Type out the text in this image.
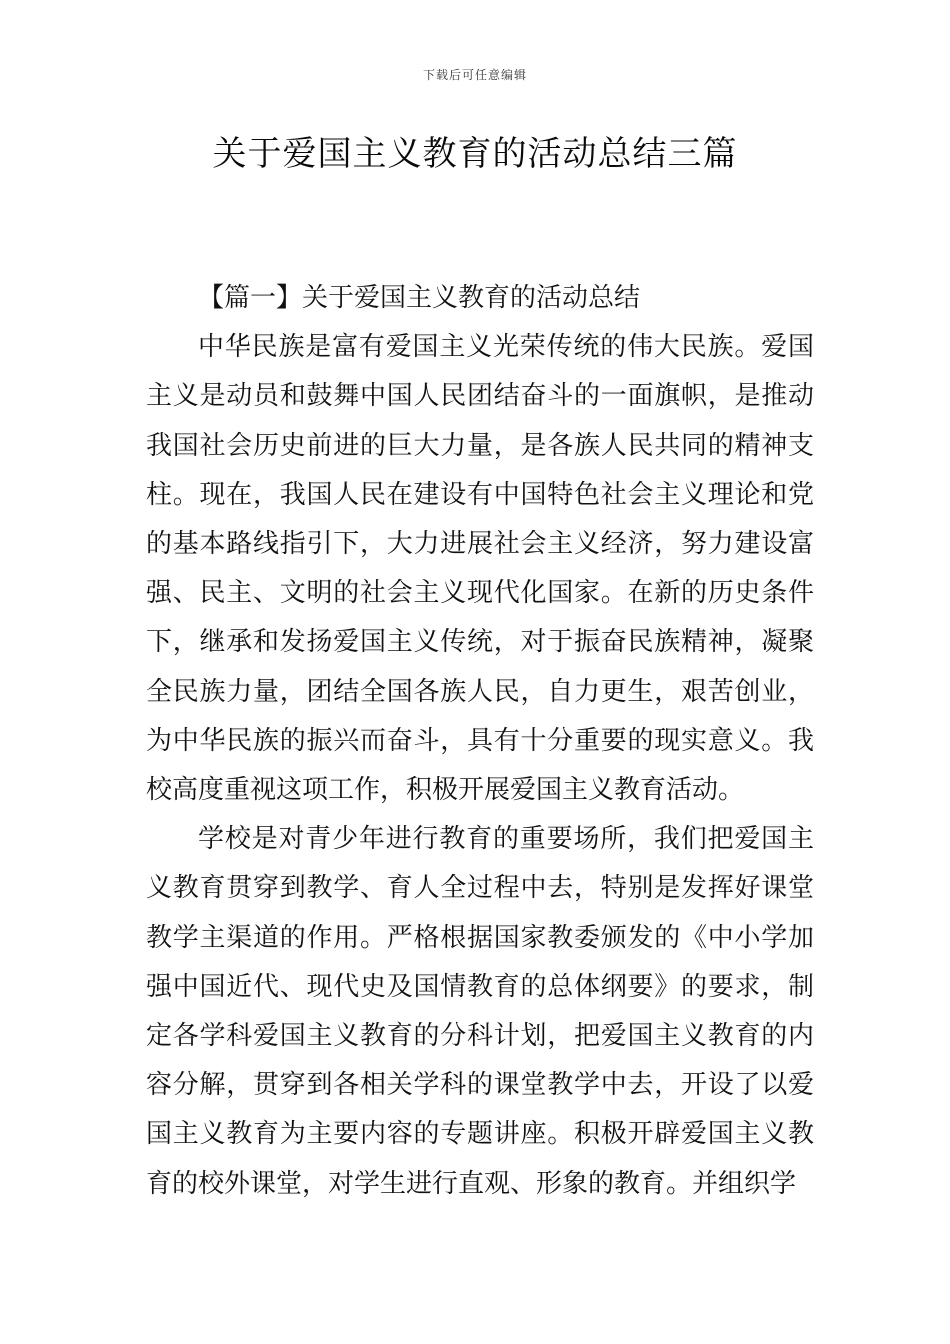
下载后可任意编辑
关于爱国主义教育的活动总结三篇

【篇一】关于爱国主义教育的活动总结

中华民族是富有爱国主义光荣传统的伟大民族。爱国主义是动员和鼓舞中国人民团结奋斗的一面旗帜，是推动我国社会历史前进的巨大力量，是各族人民共同的精神支柱。现在，我国人民在建设有中国特色社会主义理论和党的基本路线指引下，大力进展社会主义经济，努力建设富强、民主、文明的社会主义现代化国家。在新的历史条件下，继承和发扬爱国主义传统，对于振奋民族精神，凝聚全民族力量，团结全国各族人民，自力更生，艰苦创业，为中华民族的振兴而奋斗，具有十分重要的现实意义。我校高度重视这项工作，积极开展爱国主义教育活动。

学校是对青少年进行教育的重要场所，我们把爱国主义教育贯穿到教学、育人全过程中去，特别是发挥好课堂教学主渠道的作用。严格根据国家教委颁发的《中小学加强中国近代、现代史及国情教育的总体纲要》的要求，制定各学科爱国主义教育的分科计划，把爱国主义教育的内容分解，贯穿到各相关学科的课堂教学中去，开设了以爱国主义教育为主要内容的专题讲座。积极开辟爱国主义教育的校外课堂，对学生进行直观、形象的教育。并组织学
